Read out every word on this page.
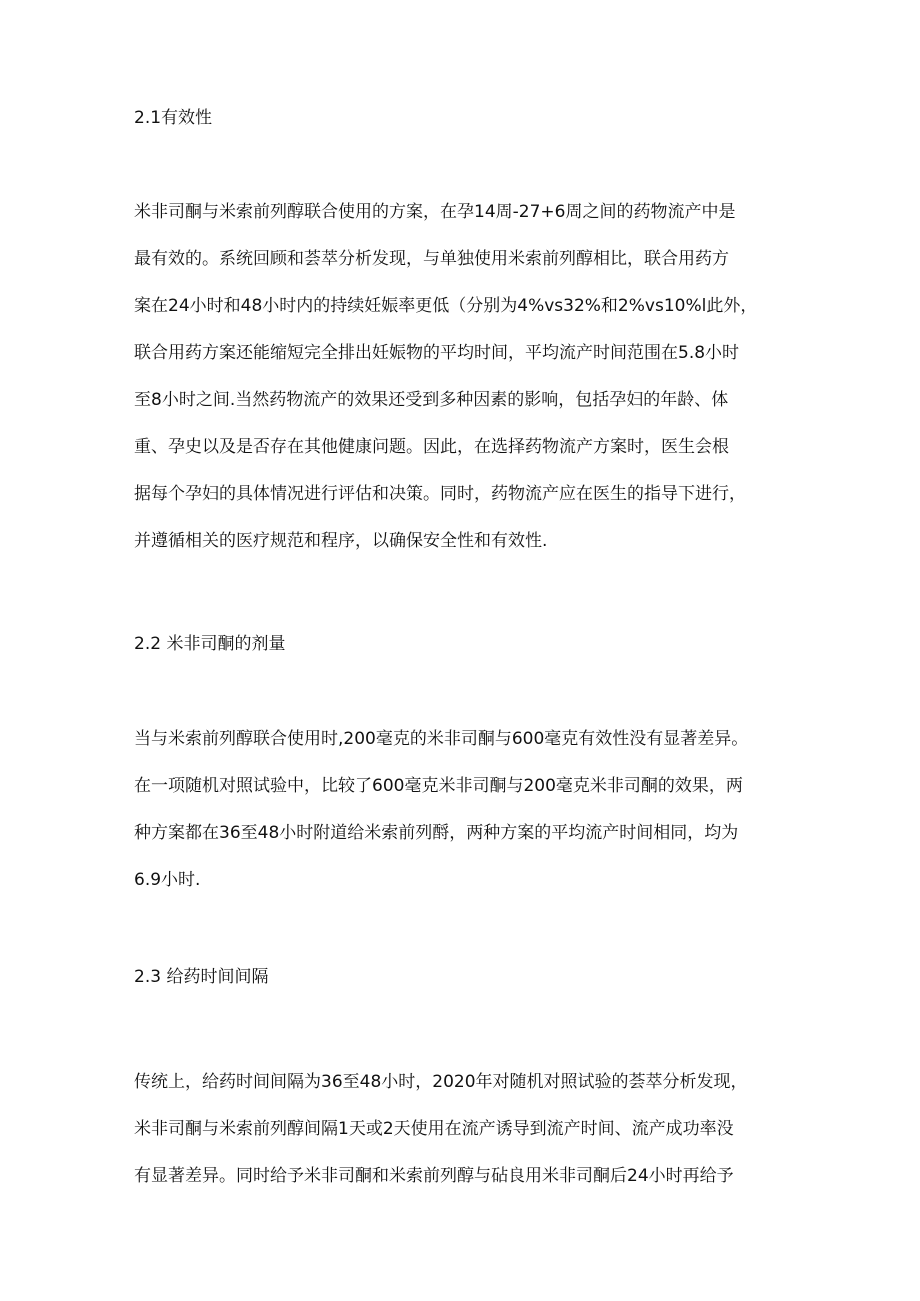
2.1有效性
米非司酮与米索前列醇联合使用的方案，在孕14周-27+6周之间的药物流产中是
最有效的。系统回顾和荟萃分析发现，与单独使用米索前列醇相比，联合用药方
案在24小时和48小时内的持续妊娠率更低（分别为4%vs32%和2%vs10%l此外，
联合用药方案还能缩短完全排出妊娠物的平均时间，平均流产时间范围在5.8小时
至8小时之间.当然药物流产的效果还受到多种因素的影响，包括孕妇的年龄、体
重、孕史以及是否存在其他健康问题。因此，在选择药物流产方案时，医生会根
据每个孕妇的具体情况进行评估和决策。同时，药物流产应在医生的指导下进行，
并遵循相关的医疗规范和程序，以确保安全性和有效性.
2.2 米非司酮的剂量
当与米索前列醇联合使用时,200毫克的米非司酮与600毫克有效性没有显著差异。
在一项随机对照试验中，比较了600毫克米非司酮与200毫克米非司酮的效果，两
种方案都在36至48小时附道给米索前列酹，两种方案的平均流产时间相同，均为
6.9小时.
2.3 给药时间间隔
传统上，给药时间间隔为36至48小时，2020年对随机对照试验的荟萃分析发现，
米非司酮与米索前列醇间隔1天或2天使用在流产诱导到流产时间、流产成功率没
有显著差异。同时给予米非司酮和米索前列醇与砧良用米非司酮后24小时再给予
